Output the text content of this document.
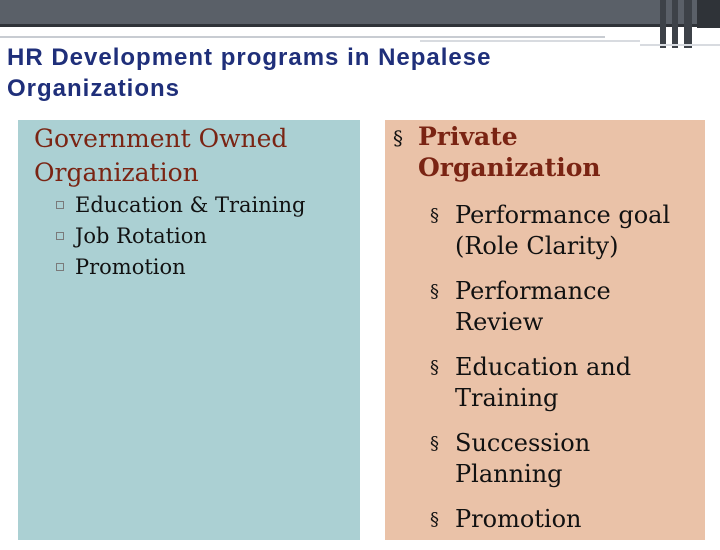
HR Development programs in Nepalese Organizations
Government Owned Organization
Education & Training
Job Rotation
Promotion
§ Private Organization
§ Performance goal (Role Clarity)
§ Performance Review
§ Education and Training
§ Succession Planning
§ Promotion
